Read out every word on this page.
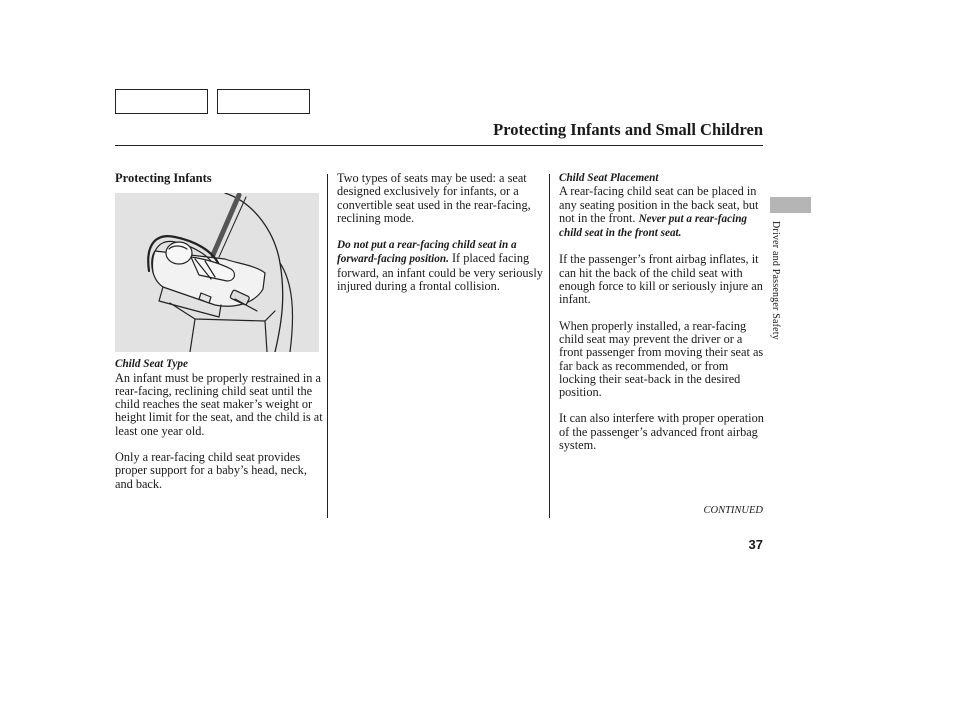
Protecting Infants and Small Children
Protecting Infants
Child Seat Type

An infant must be properly restrained in a rear-facing, reclining child seat until the child reaches the seat maker’s weight or height limit for the seat, and the child is at least one year old.

Only a rear-facing child seat provides proper support for a baby’s head, neck, and back.

Two types of seats may be used: a seat designed exclusively for infants, or a convertible seat used in the rear-facing, reclining mode.

Do not put a rear-facing child seat in a forward-facing position. If placed facing forward, an infant could be very seriously injured during a frontal collision.

Child Seat Placement

A rear-facing child seat can be placed in any seating position in the back seat, but not in the front. Never put a rear-facing child seat in the front seat.

If the passenger’s front airbag inflates, it can hit the back of the child seat with enough force to kill or seriously injure an infant.

When properly installed, a rear-facing child seat may prevent the driver or a front passenger from moving their seat as far back as recommended, or from locking their seat-back in the desired position.

It can also interfere with proper operation of the passenger’s advanced front airbag system.

CONTINUED
37
Driver and Passenger Safety
